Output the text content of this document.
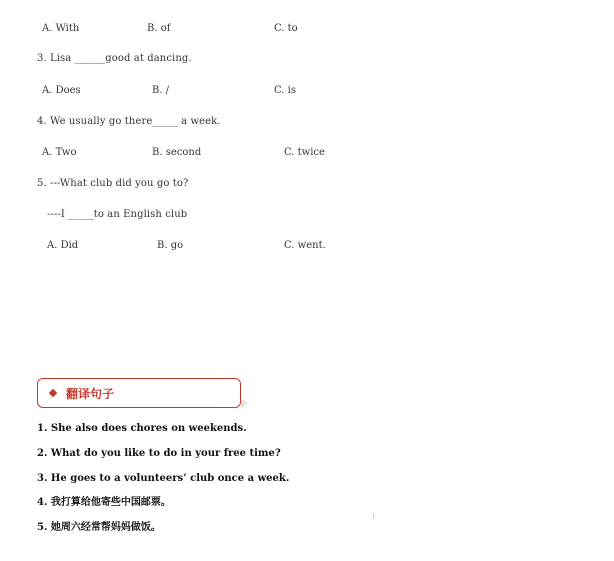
A. With	B. of	C. to
3. Lisa ______good at dancing.
A. Does	B. /	C. is
4. We usually go there_____ a week.
A. Two	B. second	C. twice
5. ---What club did you go to?
----I _____to an English club
A. Did	B. go	C. went.
翻译句子
1. She also does chores on weekends.
2. What do you like to do in your free time?
3. He goes to a volunteers’ club once a week.
4. 我打算给他寄些中国邮票。
5. 她周六经常帮妈妈做饭。
